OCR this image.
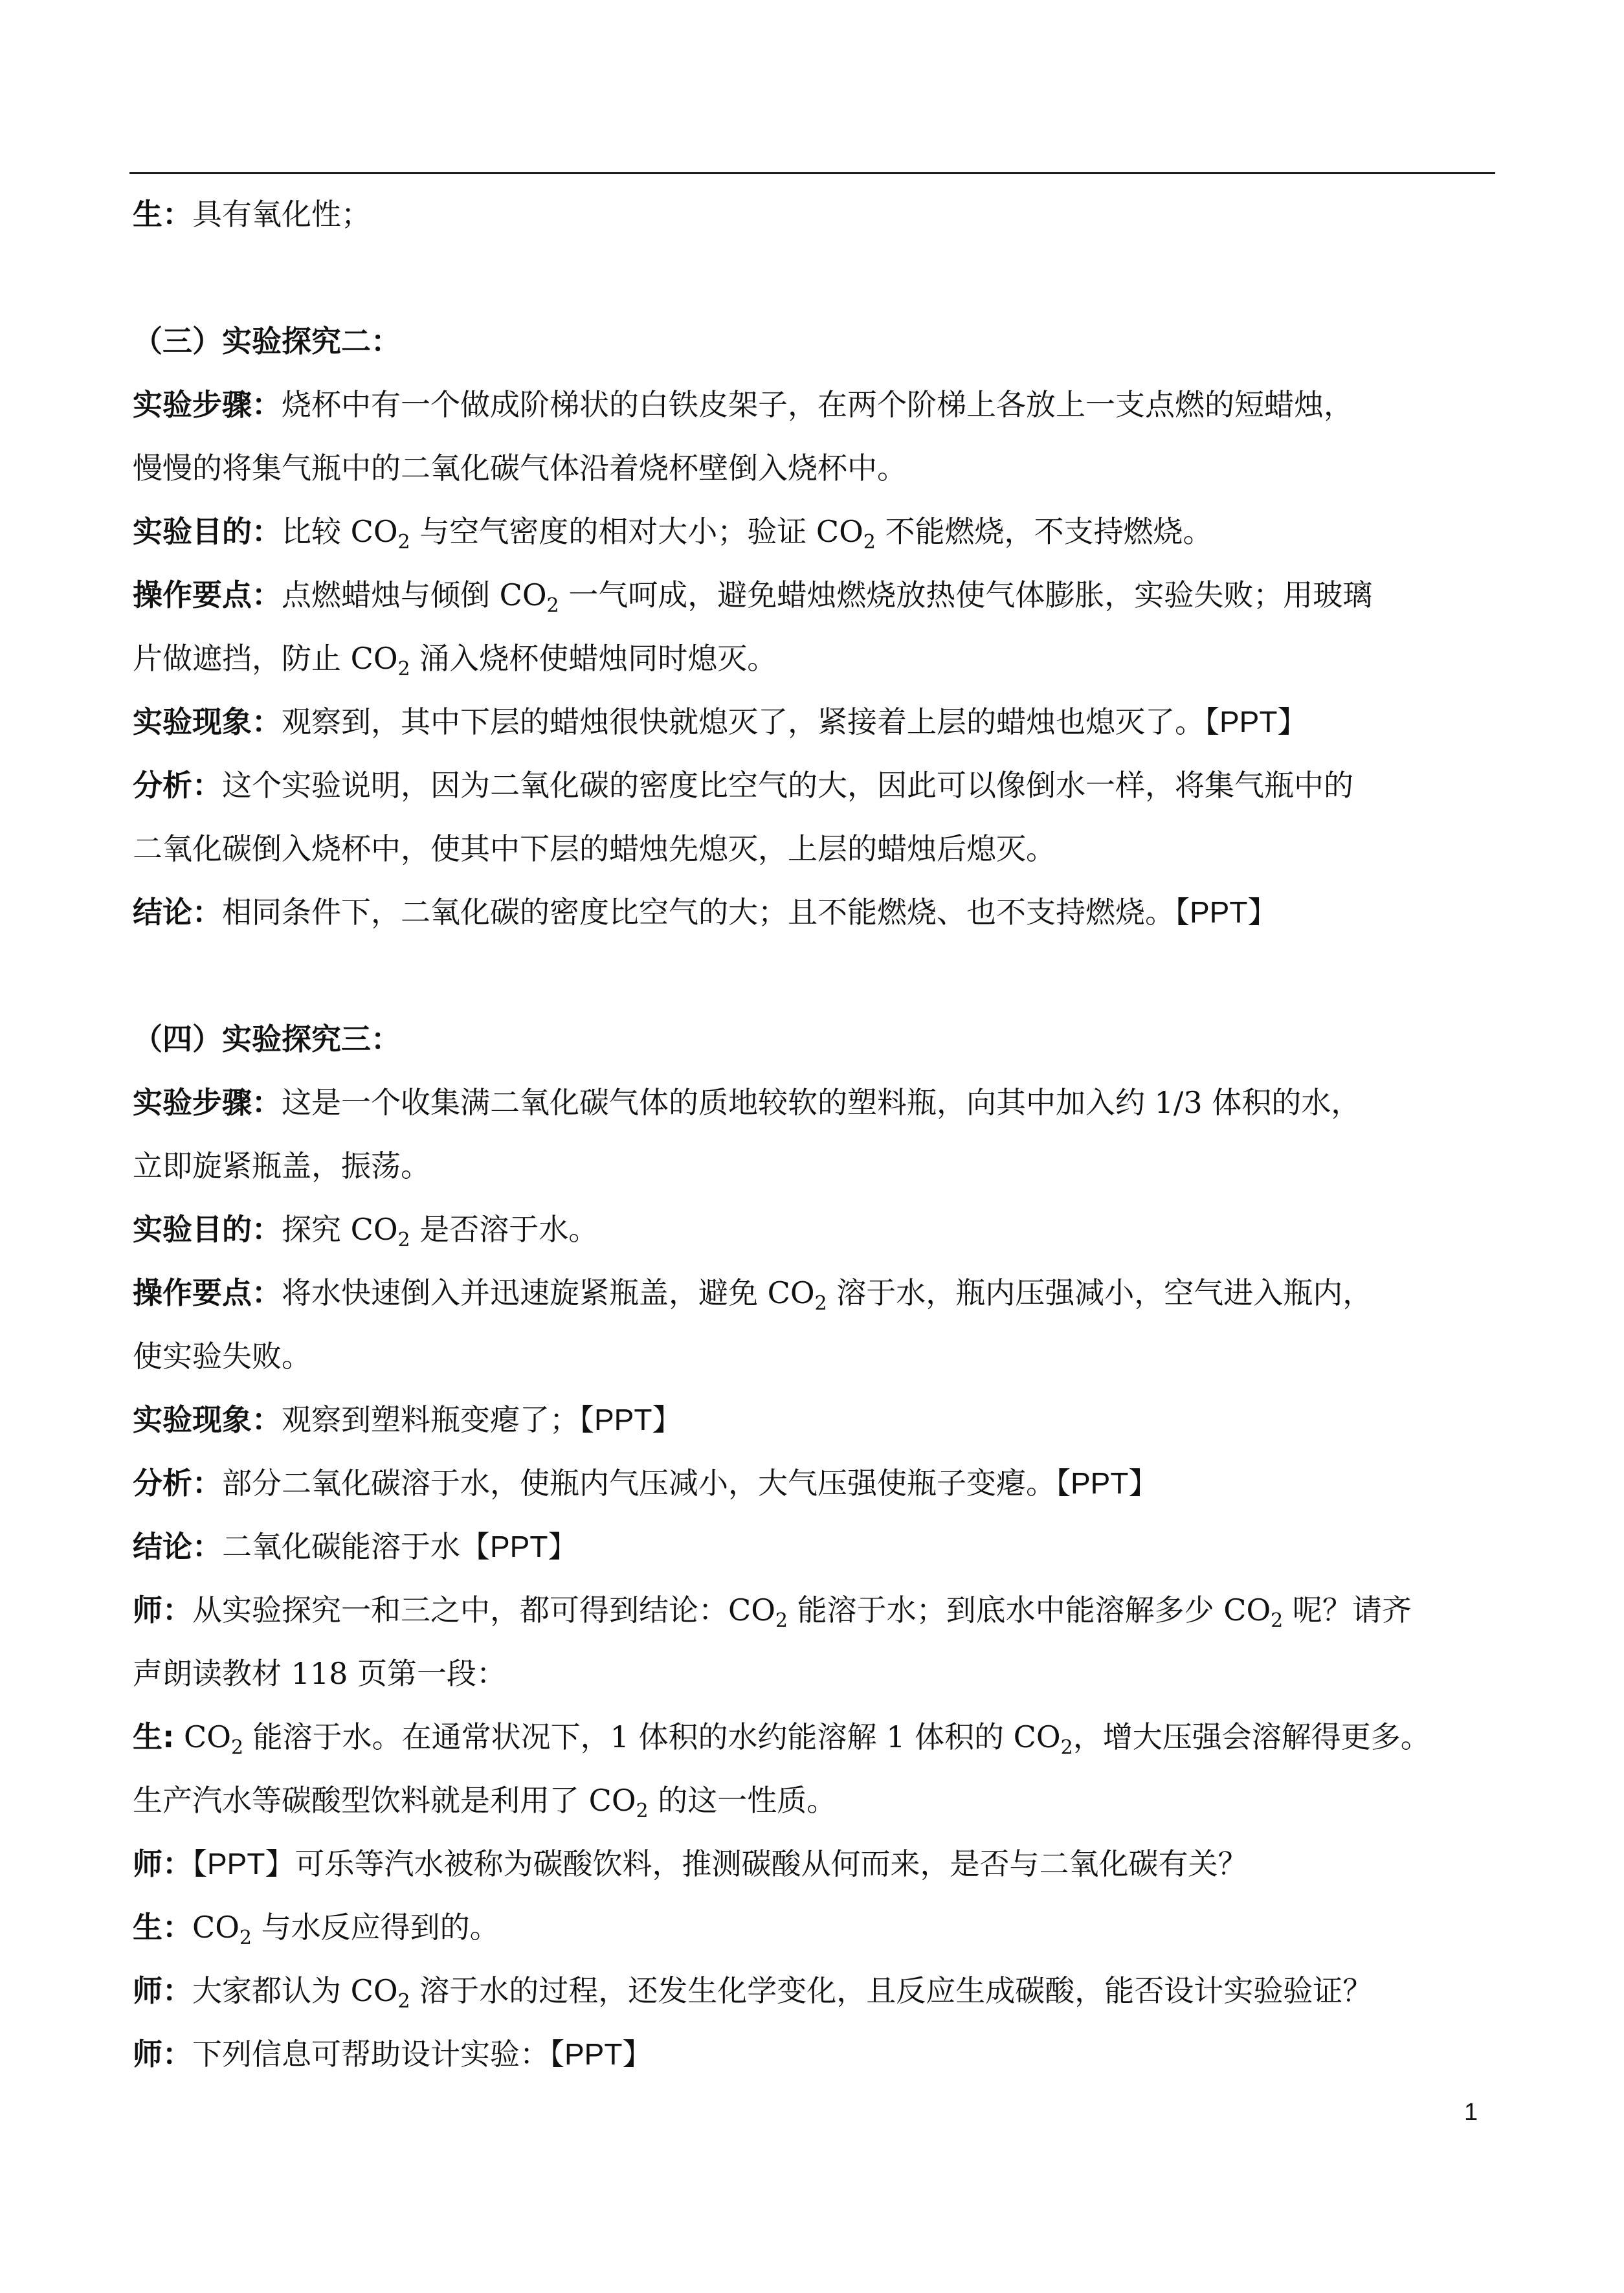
生：具有氧化性；
（三）实验探究二：
实验步骤：烧杯中有一个做成阶梯状的白铁皮架子，在两个阶梯上各放上一支点燃的短蜡烛，
慢慢的将集气瓶中的二氧化碳气体沿着烧杯壁倒入烧杯中。
实验目的：比较 $CO_2$ 与空气密度的相对大小；验证 $CO_2$ 不能燃烧，不支持燃烧。
操作要点：点燃蜡烛与倾倒 $CO_2$ 一气呵成，避免蜡烛燃烧放热使气体膨胀，实验失败；用玻璃
片做遮挡，防止 $CO_2$ 涌入烧杯使蜡烛同时熄灭。
实验现象：观察到，其中下层的蜡烛很快就熄灭了，紧接着上层的蜡烛也熄灭了。【PPT】
分析：这个实验说明，因为二氧化碳的密度比空气的大，因此可以像倒水一样，将集气瓶中的
二氧化碳倒入烧杯中，使其中下层的蜡烛先熄灭，上层的蜡烛后熄灭。
结论：相同条件下，二氧化碳的密度比空气的大；且不能燃烧、也不支持燃烧。【PPT】
（四）实验探究三：
实验步骤：这是一个收集满二氧化碳气体的质地较软的塑料瓶，向其中加入约 1/3 体积的水，
立即旋紧瓶盖，振荡。
实验目的：探究 $CO_2$ 是否溶于水。
操作要点：将水快速倒入并迅速旋紧瓶盖，避免 $CO_2$ 溶于水，瓶内压强减小，空气进入瓶内，
使实验失败。
实验现象：观察到塑料瓶变瘪了；【PPT】
分析：部分二氧化碳溶于水，使瓶内气压减小，大气压强使瓶子变瘪。【PPT】
结论：二氧化碳能溶于水【PPT】
师：从实验探究一和三之中，都可得到结论：$CO_2$ 能溶于水；到底水中能溶解多少 $CO_2$ 呢？请齐
声朗读教材 118 页第一段：
生: $CO_2$ 能溶于水。在通常状况下，1 体积的水约能溶解 1 体积的 $CO_2$，增大压强会溶解得更多。
生产汽水等碳酸型饮料就是利用了 $CO_2$ 的这一性质。
师：【PPT】可乐等汽水被称为碳酸饮料，推测碳酸从何而来，是否与二氧化碳有关？
生：$CO_2$ 与水反应得到的。
师：大家都认为 $CO_2$ 溶于水的过程，还发生化学变化，且反应生成碳酸，能否设计实验验证？
师：下列信息可帮助设计实验：【PPT】
1
